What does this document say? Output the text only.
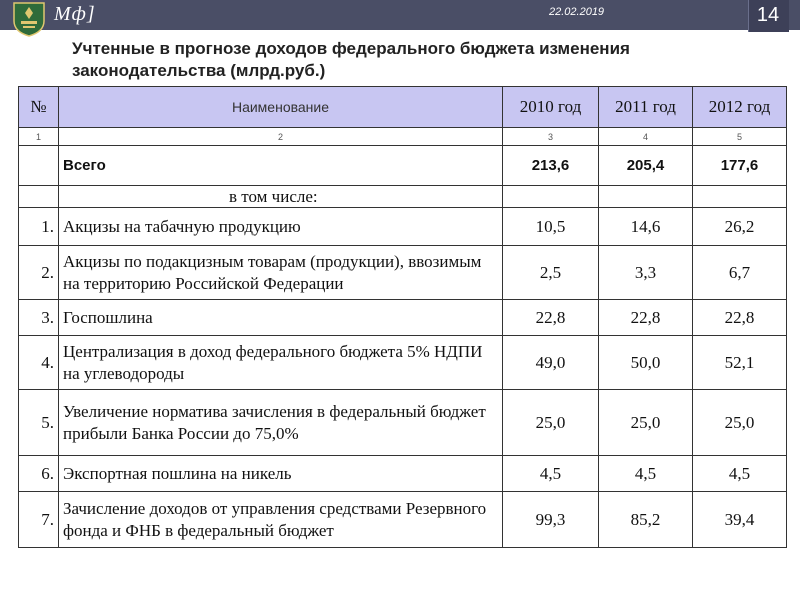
Мф]	22.02.2019	14
Учтенные в прогнозе доходов федерального бюджета изменения законодательства (млрд.руб.)
№	Наименование	2010 год	2011 год	2012 год
1	2	3	4	5
	Всего	213,6	205,4	177,6
	в том числе:			
1.	Акцизы на табачную продукцию	10,5	14,6	26,2
2.	Акцизы по подакцизным товарам (продукции), ввозимым на территорию Российской Федерации	2,5	3,3	6,7
3.	Госпошлина	22,8	22,8	22,8
4.	Централизация в доход федерального бюджета 5% НДПИ на углеводороды	49,0	50,0	52,1
5.	Увеличение норматива зачисления в федеральный бюджет прибыли Банка России до 75,0%	25,0	25,0	25,0
6.	Экспортная пошлина на никель	4,5	4,5	4,5
7.	Зачисление доходов от управления средствами Резервного фонда и ФНБ в федеральный бюджет	99,3	85,2	39,4
